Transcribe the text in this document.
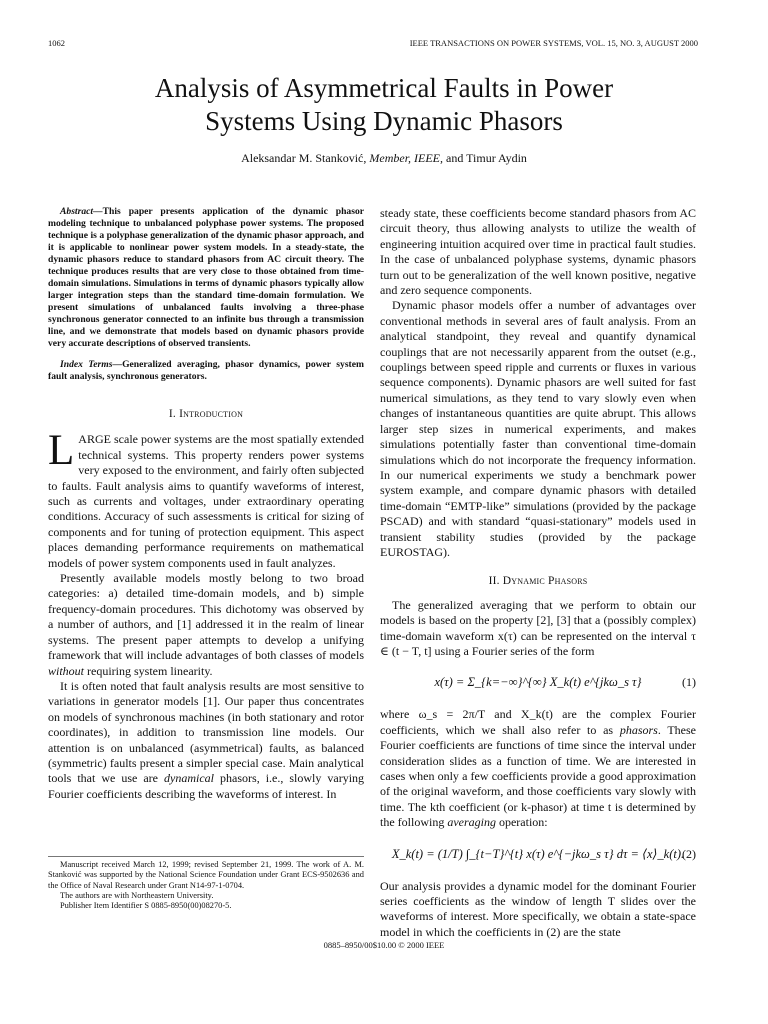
1062	IEEE TRANSACTIONS ON POWER SYSTEMS, VOL. 15, NO. 3, AUGUST 2000
Analysis of Asymmetrical Faults in Power
Systems Using Dynamic Phasors
Aleksandar M. Stanković, Member, IEEE, and Timur Aydin

Abstract—This paper presents application of the dynamic phasor modeling technique to unbalanced polyphase power systems. The proposed technique is a polyphase generalization of the dynamic phasor approach, and it is applicable to nonlinear power system models. In a steady-state, the dynamic phasors reduce to standard phasors from AC circuit theory. The technique produces results that are very close to those obtained from time-domain simulations. Simulations in terms of dynamic phasors typically allow larger integration steps than the standard time-domain formulation. We present simulations of unbalanced faults involving a three-phase synchronous generator connected to an infinite bus through a transmission line, and we demonstrate that models based on dynamic phasors provide very accurate descriptions of observed transients.

Index Terms—Generalized averaging, phasor dynamics, power system fault analysis, synchronous generators.

I. Introduction

LARGE scale power systems are the most spatially extended technical systems. This property renders power systems very exposed to the environment, and fairly often subjected to faults. Fault analysis aims to quantify waveforms of interest, such as currents and voltages, under extraordinary operating conditions. Accuracy of such assessments is critical for sizing of components and for tuning of protection equipment. This aspect places demanding performance requirements on mathematical models of power system components used in fault analyzes.

Presently available models mostly belong to two broad categories: a) detailed time-domain models, and b) simple frequency-domain procedures. This dichotomy was observed by a number of authors, and [1] addressed it in the realm of linear systems. The present paper attempts to develop a unifying framework that will include advantages of both classes of models without requiring system linearity.

It is often noted that fault analysis results are most sensitive to variations in generator models [1]. Our paper thus concentrates on models of synchronous machines (in both stationary and rotor coordinates), in addition to transmission line models. Our attention is on unbalanced (asymmetrical) faults, as balanced (symmetric) faults present a simpler special case. Main analytical tools that we use are dynamical phasors, i.e., slowly varying Fourier coefficients describing the waveforms of interest. In

steady state, these coefficients become standard phasors from AC circuit theory, thus allowing analysts to utilize the wealth of engineering intuition acquired over time in practical fault studies. In the case of unbalanced polyphase systems, dynamic phasors turn out to be generalization of the well known positive, negative and zero sequence components.

Dynamic phasor models offer a number of advantages over conventional methods in several ares of fault analysis. From an analytical standpoint, they reveal and quantify dynamical couplings that are not necessarily apparent from the outset (e.g., couplings between speed ripple and currents or fluxes in various sequence components). Dynamic phasors are well suited for fast numerical simulations, as they tend to vary slowly even when changes of instantaneous quantities are quite abrupt. This allows larger step sizes in numerical experiments, and makes simulations potentially faster than conventional time-domain simulations which do not incorporate the frequency information. In our numerical experiments we study a benchmark power system example, and compare dynamic phasors with detailed time-domain “EMTP-like” simulations (provided by the package PSCAD) and with standard “quasi-stationary” models used in transient stability studies (provided by the package EUROSTAG).

II. Dynamic Phasors

The generalized averaging that we perform to obtain our models is based on the property [2], [3] that a (possibly complex) time-domain waveform x(τ) can be represented on the interval τ ∈ (t − T, t] using a Fourier series of the form

x(τ) = Σ_{k=−∞}^{∞} X_k(t) e^{jkω_s τ}	(1)

where ω_s = 2π/T and X_k(t) are the complex Fourier coefficients, which we shall also refer to as phasors. These Fourier coefficients are functions of time since the interval under consideration slides as a function of time. We are interested in cases when only a few coefficients provide a good approximation of the original waveform, and those coefficients vary slowly with time. The kth coefficient (or k-phasor) at time t is determined by the following averaging operation:

X_k(t) = (1/T) ∫_{t−T}^{t} x(τ) e^{−jkω_s τ} dτ = ⟨x⟩_k(t).
(2)

Our analysis provides a dynamic model for the dominant Fourier series coefficients as the window of length T slides over the waveforms of interest. More specifically, we obtain a state-space model in which the coefficients in (2) are the state

Manuscript received March 12, 1999; revised September 21, 1999. The work of A. M. Stanković was supported by the National Science Foundation under Grant ECS-9502636 and the Office of Naval Research under Grant N14-97-1-0704.

The authors are with Northeastern University.

Publisher Item Identifier S 0885-8950(00)08270-5.

0885–8950/00$10.00 © 2000 IEEE
